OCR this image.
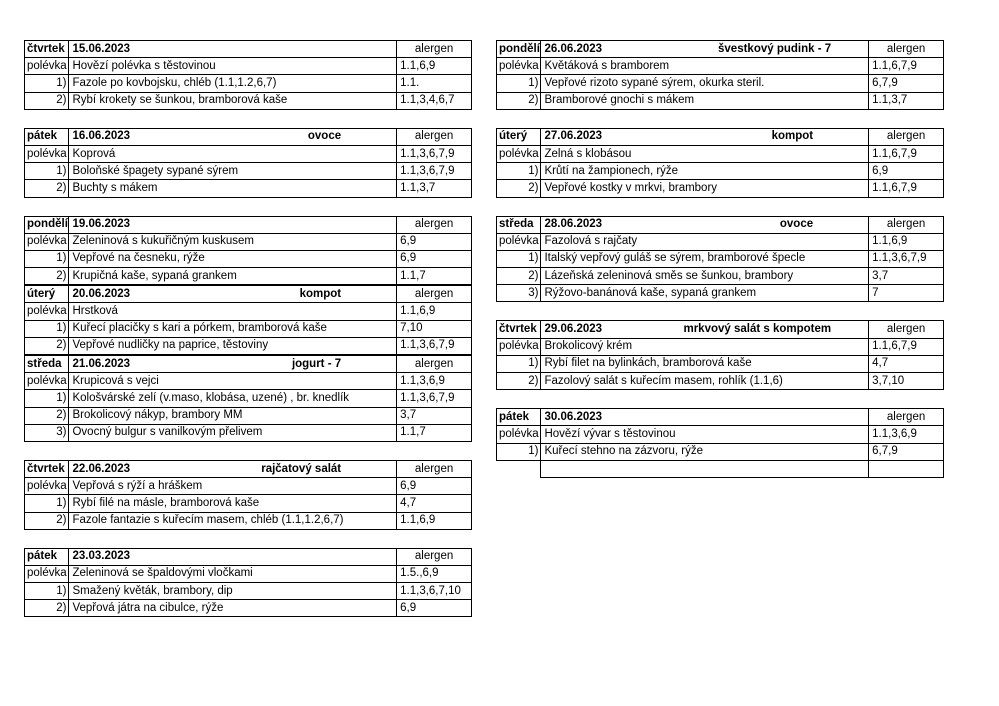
čtvrtek	15.06.2023	alergen
polévka	Hovězí polévka s těstovinou	1.1,6,9
1)	Fazole po kovbojsku, chléb (1.1,1.2,6,7)	1.1.
2)	Rybí krokety se šunkou, bramborová kaše	1.1,3,4,6,7
pátek	16.06.2023 ovoce	alergen
polévka	Koprová	1.1,3,6,7,9
1)	Boloňské špagety sypané sýrem	1.1,3,6,7,9
2)	Buchty s mákem	1.1,3,7
pondělí	19.06.2023	alergen
polévka	Zeleninová s kukuřičným kuskusem	6,9
1)	Vepřové na česneku, rýže	6,9
2)	Krupičná kaše, sypaná grankem	1.1,7
úterý	20.06.2023 kompot	alergen
polévka	Hrstková	1.1,6,9
1)	Kuřecí placičky s kari a pórkem, bramborová kaše	7,10
2)	Vepřové nudličky na paprice, těstoviny	1.1,3,6,7,9
středa	21.06.2023 jogurt - 7	alergen
polévka	Krupicová s vejci	1.1,3,6,9
1)	Kološvárské zelí (v.maso, klobása, uzené) , br. knedlík	1.1,3,6,7,9
2)	Brokolicový nákyp, brambory MM	3,7
3)	Ovocný bulgur s vanilkovým přelivem	1.1,7
čtvrtek	22.06.2023 rajčatový salát	alergen
polévka	Vepřová s rýží a hráškem	6,9
1)	Rybí filé na másle, bramborová kaše	4,7
2)	Fazole fantazie s kuřecím masem, chléb (1.1,1.2,6,7)	1.1,6,9
pátek	23.03.2023	alergen
polévka	Zeleninová se špaldovými vločkami	1.5.,6,9
1)	Smažený květák, brambory, dip	1.1,3,6,7,10
2)	Vepřová játra na cibulce, rýže	6,9
pondělí	26.06.2023 švestkový pudink - 7	alergen
polévka	Květáková s bramborem	1.1,6,7,9
1)	Vepřové rizoto sypané sýrem, okurka steril.	6,7,9
2)	Bramborové gnochi s mákem	1.1,3,7
úterý	27.06.2023 kompot	alergen
polévka	Zelná s klobásou	1.1,6,7,9
1)	Krůtí na žampionech, rýže	6,9
2)	Vepřové kostky v mrkvi, brambory	1.1,6,7,9
středa	28.06.2023 ovoce	alergen
polévka	Fazolová s rajčaty	1.1,6,9
1)	Italský vepřový guláš se sýrem, bramborové špecle	1.1,3,6,7,9
2)	Lázeňská zeleninová směs se šunkou, brambory	3,7
3)	Rýžovo-banánová kaše, sypaná grankem	7
čtvrtek	29.06.2023 mrkvový salát s kompotem	alergen
polévka	Brokolicový krém	1.1,6,7,9
1)	Rybí filet na bylinkách, bramborová kaše	4,7
2)	Fazolový salát s kuřecím masem, rohlík (1.1,6)	3,7,10
pátek	30.06.2023	alergen
polévka	Hovězí vývar s těstovinou	1.1,3,6,9
1)	Kuřecí stehno na zázvoru, rýže	6,7,9
